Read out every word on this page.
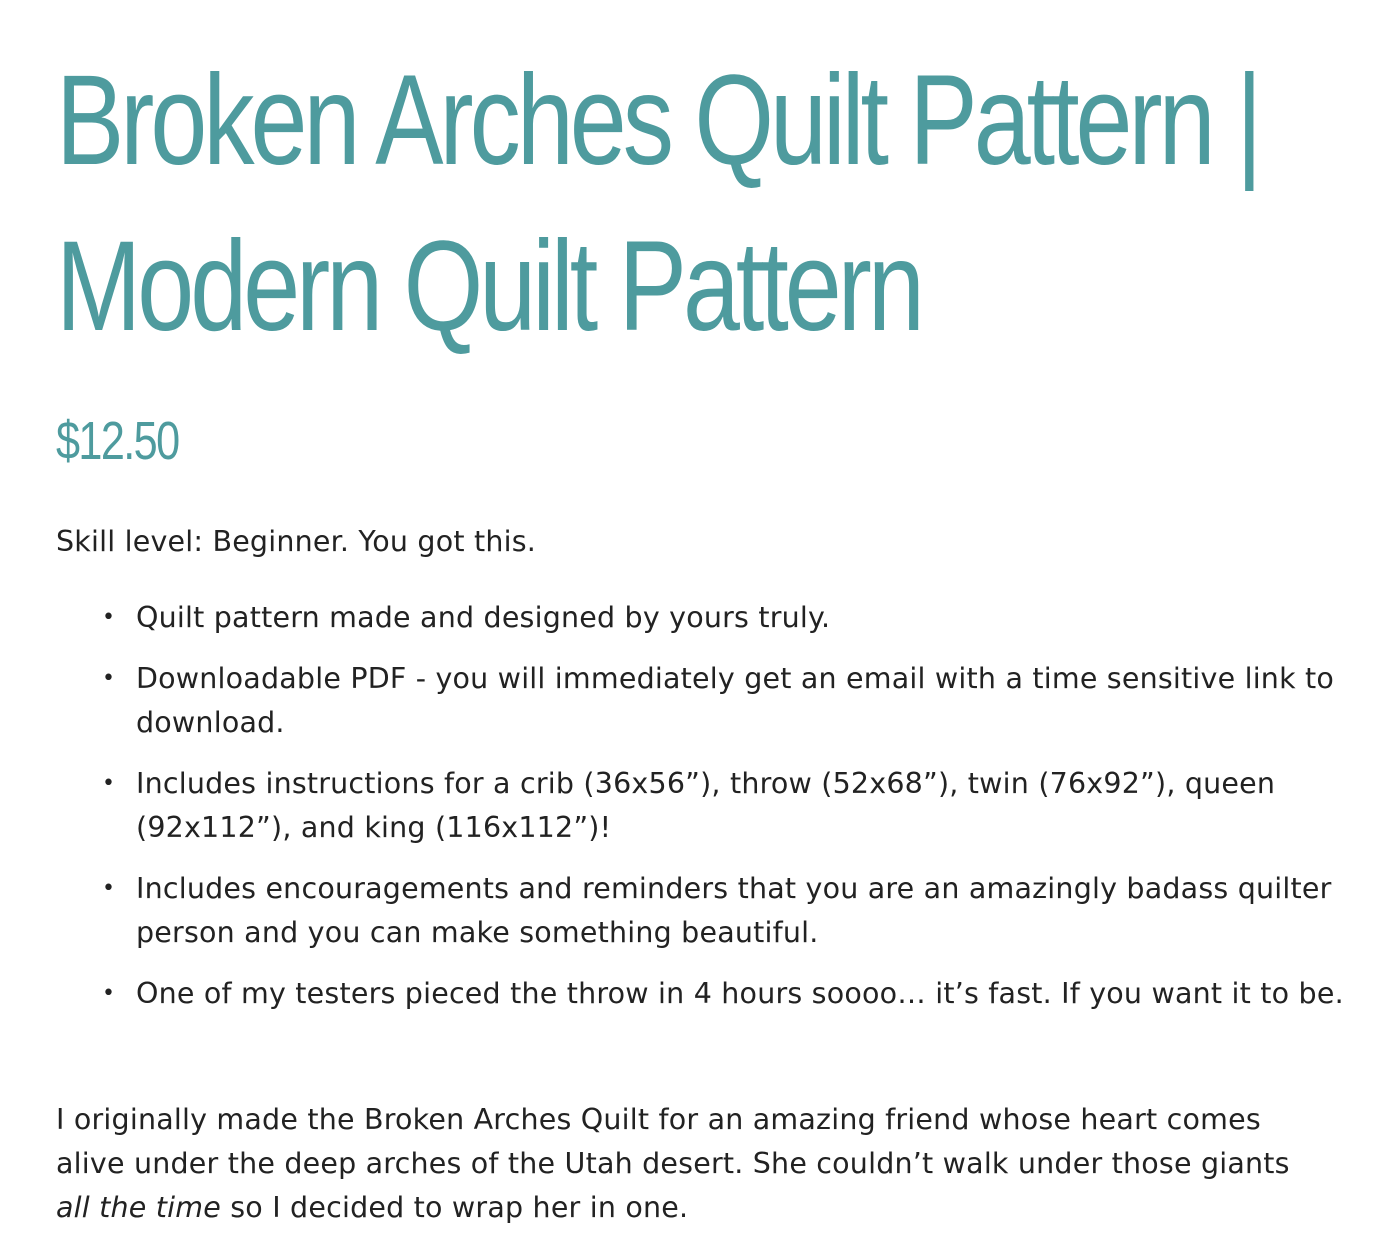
Broken Arches Quilt Pattern | Modern Quilt Pattern

$12.50

Skill level: Beginner. You got this.

• Quilt pattern made and designed by yours truly.
• Downloadable PDF - you will immediately get an email with a time sensitive link to download.
• Includes instructions for a crib (36x56”), throw (52x68”), twin (76x92”), queen (92x112”), and king (116x112”)!
• Includes encouragements and reminders that you are an amazingly badass quilter person and you can make something beautiful.
• One of my testers pieced the throw in 4 hours soooo… it’s fast. If you want it to be.

I originally made the Broken Arches Quilt for an amazing friend whose heart comes alive under the deep arches of the Utah desert. She couldn’t walk under those giants all the time so I decided to wrap her in one.
